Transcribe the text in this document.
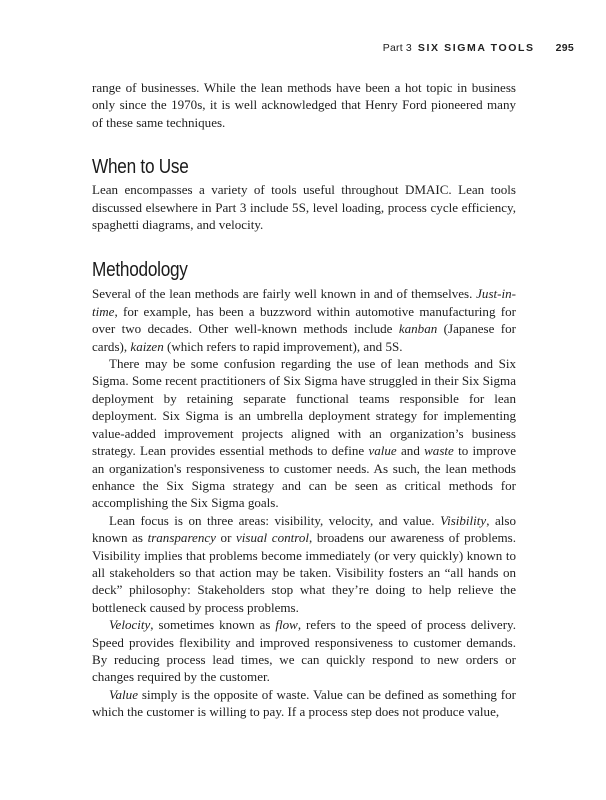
Part 3 SIX SIGMA TOOLS 295

range of businesses. While the lean methods have been a hot topic in business only since the 1970s, it is well acknowledged that Henry Ford pioneered many of these same techniques.

When to Use

Lean encompasses a variety of tools useful throughout DMAIC. Lean tools discussed elsewhere in Part 3 include 5S, level loading, process cycle efficiency, spaghetti diagrams, and velocity.

Methodology

Several of the lean methods are fairly well known in and of themselves. Just-in-time, for example, has been a buzzword within automotive manufacturing for over two decades. Other well-known methods include kanban (Japanese for cards), kaizen (which refers to rapid improvement), and 5S.

There may be some confusion regarding the use of lean methods and Six Sigma. Some recent practitioners of Six Sigma have struggled in their Six Sigma deployment by retaining separate functional teams responsible for lean deployment. Six Sigma is an umbrella deployment strategy for implementing value-added improvement projects aligned with an organization’s business strategy. Lean provides essential methods to define value and waste to improve an organization's responsiveness to customer needs. As such, the lean methods enhance the Six Sigma strategy and can be seen as critical methods for accomplishing the Six Sigma goals.

Lean focus is on three areas: visibility, velocity, and value. Visibility, also known as transparency or visual control, broadens our awareness of problems. Visibility implies that problems become immediately (or very quickly) known to all stakeholders so that action may be taken. Visibility fosters an “all hands on deck” philosophy: Stakeholders stop what they’re doing to help relieve the bottleneck caused by process problems.

Velocity, sometimes known as flow, refers to the speed of process delivery. Speed provides flexibility and improved responsiveness to customer demands. By reducing process lead times, we can quickly respond to new orders or changes required by the customer.

Value simply is the opposite of waste. Value can be defined as something for which the customer is willing to pay. If a process step does not produce value,
